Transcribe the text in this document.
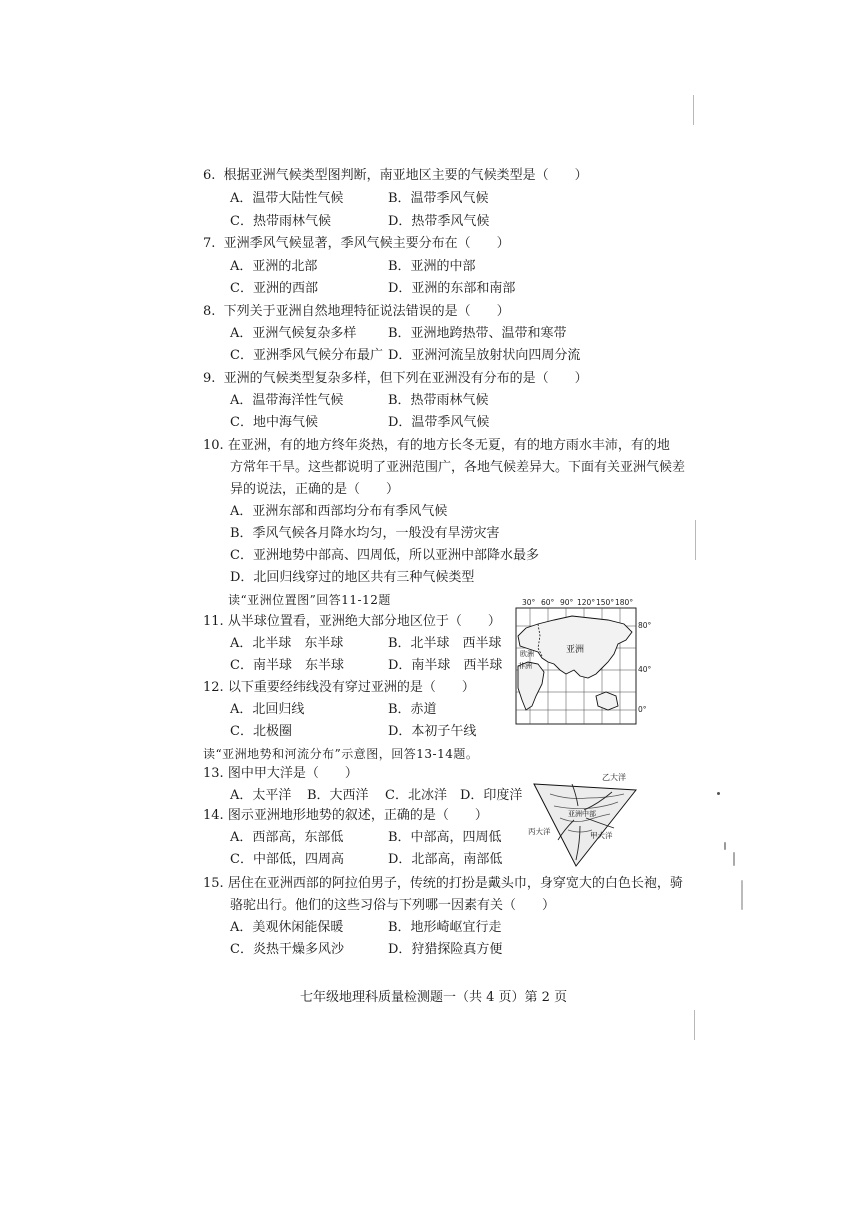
6. 根据亚洲气候类型图判断，南亚地区主要的气候类型是（　　）
A．温带大陆性气候	B．温带季风气候
C．热带雨林气候	D．热带季风气候
7. 亚洲季风气候显著，季风气候主要分布在（　　）
A．亚洲的北部	B．亚洲的中部
C．亚洲的西部	D．亚洲的东部和南部
8. 下列关于亚洲自然地理特征说法错误的是（　　）
A．亚洲气候复杂多样 B．亚洲地跨热带、温带和寒带
C．亚洲季风气候分布最广 D．亚洲河流呈放射状向四周分流
9. 亚洲的气候类型复杂多样，但下列在亚洲没有分布的是（　　）
A．温带海洋性气候	B．热带雨林气候
C．地中海气候	D．温带季风气候
10. 在亚洲，有的地方终年炎热，有的地方长冬无夏，有的地方雨水丰沛，有的地
方常年干旱。这些都说明了亚洲范围广，各地气候差异大。下面有关亚洲气候差
异的说法，正确的是（　　）
A．亚洲东部和西部均分布有季风气候
B．季风气候各月降水均匀，一般没有旱涝灾害
C．亚洲地势中部高、四周低，所以亚洲中部降水最多
D．北回归线穿过的地区共有三种气候类型
读“亚洲位置图”回答11-12题
11. 从半球位置看，亚洲绝大部分地区位于（　　）
A．北半球　东半球	B．北半球　西半球
C．南半球　东半球	D．南半球　西半球
12. 以下重要经纬线没有穿过亚洲的是（　　）
A．北回归线	B．赤道
C．北极圈	D．本初子午线
读“亚洲地势和河流分布”示意图，回答13-14题。
13. 图中甲大洋是（　　）
A．太平洋 B．大西洋 C．北冰洋 D．印度洋
14. 图示亚洲地形地势的叙述，正确的是（　　）
A．西部高，东部低	B．中部高，四周低
C．中部低，四周高	D．北部高，南部低
15. 居住在亚洲西部的阿拉伯男子，传统的打扮是戴头巾，身穿宽大的白色长袍，骑
骆驼出行。他们的这些习俗与下列哪一因素有关（　　）
A．美观休闲能保暖	B．地形崎岖宜行走
C．炎热干燥多风沙	D．狩猎探险真方便
30° 60° 90° 120° 150° 180°
80°
40°
0°
亚洲
欧洲
非洲
乙大洋
亚洲中部
丙大洋	甲大洋
七年级地理科质量检测题一（共 4 页）第 2 页
